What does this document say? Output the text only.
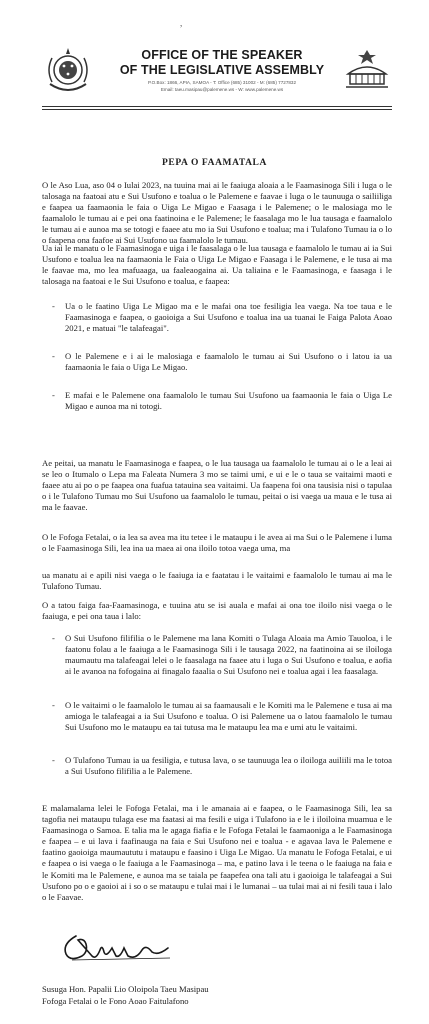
,
OFFICE OF THE SPEAKER
OF THE LEGISLATIVE ASSEMBLY
P.O.Box: 1866, APIA, SAMOA - T: Office (685) 31002 - M: (685) 7727832
Email: taeu.masipau@palemene.ws - W: www.palemene.ws
PEPA O FAAMATALA

O le Aso Lua, aso 04 o Iulai 2023, na tuuina mai ai le faaiuga aloaia a le Faamasinoga Sili i luga o le talosaga na faatoai atu e Sui Usufono e toalua o le Palemene e faavae i luga o le taunuuga o sailiiliga e faapea ua faamaonia le faia o Uiga Le Migao e Faasaga i le Palemene; o le malosiaga mo le faamalolo le tumau ai e pei ona faatinoina e le Palemene; le faasalaga mo le lua tausaga e faamalolo le tumau ai e aunoa ma se totogi e faaee atu mo ia Sui Usufono e toalua; ma i Tulafono Tumau ia o lo o faapena ona faafoe ai Sui Usufono ua faamalolo le tumau.

Ua iai le manatu o le Faamasinoga e uiga i le faasalaga o le lua tausaga e faamalolo le tumau ai ia Sui Usufono e toalua lea na faamaonia le Faia o Uiga Le Migao e Faasaga i le Palemene, e le tusa ai ma le faavae ma, mo lea mafuaaga, ua faaleaogaina ai. Ua taliaina e le Faamasinoga, e faasaga i le talosaga na faatoai e le Sui Usufono e toalua, e faapea:

- Ua o le faatino Uiga Le Migao ma e le mafai ona toe fesiligia lea vaega. Na toe taua e le Faamasinoga e faapea, o gaoioiga a Sui Usufono e toalua ina ua tuanai le Faiga Palota Aoao 2021, e matuai "le talafeagai".

- O le Palemene e i ai le malosiaga e faamalolo le tumau ai Sui Usufono o i latou ia ua faamaonia le faia o Uiga Le Migao.

- E mafai e le Palemene ona faamalolo le tumau Sui Usufono ua faamaonia le faia o Uiga Le Migao e aunoa ma ni totogi.

Ae peitai, ua manatu le Faamasinoga e faapea, o le lua tausaga ua faamalolo le tumau ai o le a leai ai se leo o Itumalo o Lepa ma Faleata Numera 3 mo se taimi umi, e ui e le o taua se vaitaimi maoti e faaee atu ai po o pe faapea ona fuafua tatauina sea vaitaimi. Ua faapena foi ona tausisia nisi o tapulaa o i le Tulafono Tumau mo Sui Usufono ua faamalolo le tumau, peitai o isi vaega ua maua e le tusa ai ma le faavae.

O le Fofoga Fetalai, o ia lea sa avea ma itu tetee i le mataupu i le avea ai ma Sui o le Palemene i luma o le Faamasinoga Sili, lea ina ua maea ai ona iloilo totoa vaega uma, ma

ua manatu ai e apili nisi vaega o le faaiuga ia e faatatau i le vaitaimi e faamalolo le tumau ai ma le Tulafono Tumau.

O a tatou faiga faa-Faamasinoga, e tuuina atu se isi auala e mafai ai ona toe iloilo nisi vaega o le faaiuga, e pei ona taua i lalo:

- O Sui Usufono filifilia o le Palemene ma lana Komiti o Tulaga Aloaia ma Amio Tauoloa, i le faatonu folau a le faaiuga a le Faamasinoga Sili i le tausaga 2022, na faatinoina ai se iloiloga maumautu ma talafeagai lelei o le faasalaga na faaee atu i luga o Sui Usufono e toalua, e aofia ai le avanoa na fofogaina ai finagalo faaalia o Sui Usufono nei e toalua agai i lea faasalaga.

- O le vaitaimi o le faamalolo le tumau ai sa faamausali e le Komiti ma le Palemene e tusa ai ma amioga le talafeagai a ia Sui Usufono e toalua. O isi Palemene ua o latou faamalolo le tumau Sui Usufono mo le mataupu ea tai tutusa ma le mataupu lea ma e umi atu le vaitaimi.

- O Tulafono Tumau ia ua fesiligia, e tutusa lava, o se taunuuga lea o iloiloga auiliili ma le totoa a Sui Usufono filifilia a le Palemene.

E malamalama lelei le Fofoga Fetalai, ma i le amanaia ai e faapea, o le Faamasinoga Sili, lea sa tagofia nei mataupu tulaga ese ma faatasi ai ma fesili e uiga i Tulafono ia e le i iloiloina muamua e le Faamasinoga o Samoa. E talia ma le agaga fiafia e le Fofoga Fetalai le faamaoniga a le Faamasinoga e faapea – e ui lava i faafinauga na faia e Sui Usufono nei e toalua - e agavaa lava le Palemene e faatino gaoioiga maumaututu i mataupu e faasino i Uiga Le Migao. Ua manatu le Fofoga Fetalai, e ui e faapea o isi vaega o le faaiuga a le Faamasinoga – ma, e patino lava i le teena o le faaiuga na faia e le Komiti ma le Palemene, e aunoa ma se taiala pe faapefea ona tali atu i gaoioiga le talafeagai a Sui Usufono po o e gaoioi ai i so o se mataupu e tulai mai i le lumanai – ua tulai mai ai ni fesili taua i lalo o le Faavae.

Susuga Hon. Papalii Lio Oloipola Taeu Masipau
Fofoga Fetalai o le Fono Aoao Faitulafono
